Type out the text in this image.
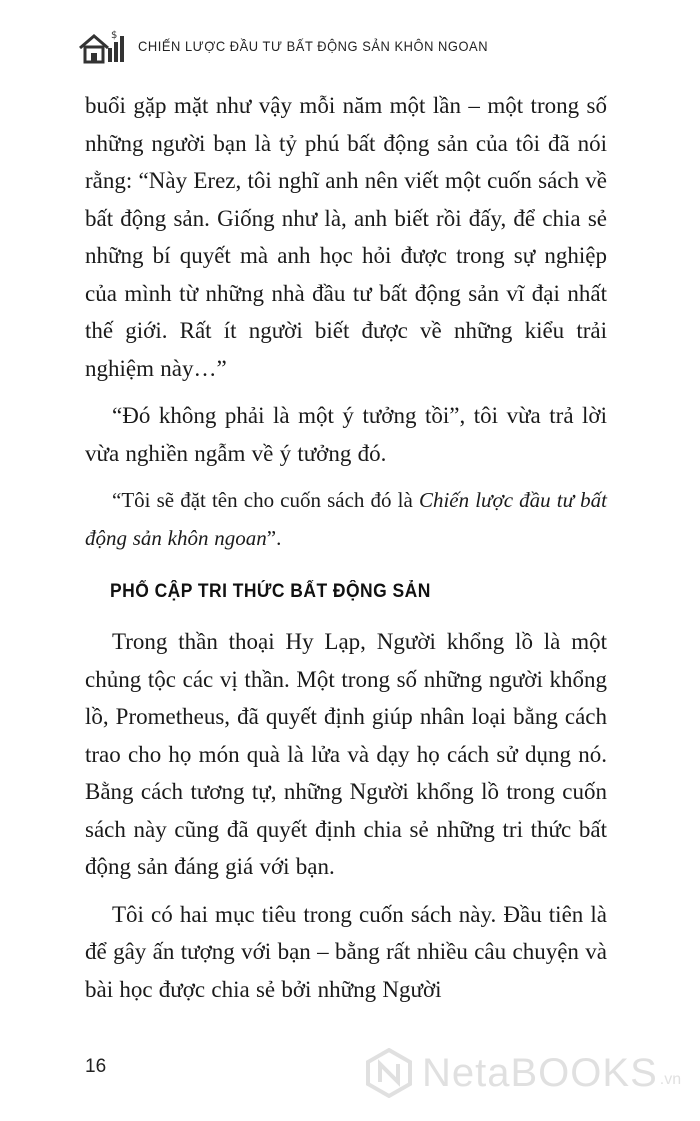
$
CHIẾN LƯỢC ĐẦU TƯ BẤT ĐỘNG SẢN KHÔN NGOAN

buổi gặp mặt như vậy mỗi năm một lần – một trong số những người bạn là tỷ phú bất động sản của tôi đã nói rằng: “Này Erez, tôi nghĩ anh nên viết một cuốn sách về bất động sản. Giống như là, anh biết rồi đấy, để chia sẻ những bí quyết mà anh học hỏi được trong sự nghiệp của mình từ những nhà đầu tư bất động sản vĩ đại nhất thế giới. Rất ít người biết được về những kiểu trải nghiệm này…”

“Đó không phải là một ý tưởng tồi”, tôi vừa trả lời vừa nghiền ngẫm về ý tưởng đó.

“Tôi sẽ đặt tên cho cuốn sách đó là Chiến lược đầu tư bất động sản khôn ngoan”.

PHỔ CẬP TRI THỨC BẤT ĐỘNG SẢN

Trong thần thoại Hy Lạp, Người khổng lồ là một chủng tộc các vị thần. Một trong số những người khổng lồ, Prometheus, đã quyết định giúp nhân loại bằng cách trao cho họ món quà là lửa và dạy họ cách sử dụng nó. Bằng cách tương tự, những Người khổng lồ trong cuốn sách này cũng đã quyết định chia sẻ những tri thức bất động sản đáng giá với bạn.

Tôi có hai mục tiêu trong cuốn sách này. Đầu tiên là để gây ấn tượng với bạn – bằng rất nhiều câu chuyện và bài học được chia sẻ bởi những Người

16	NetaBOOKS .vn
